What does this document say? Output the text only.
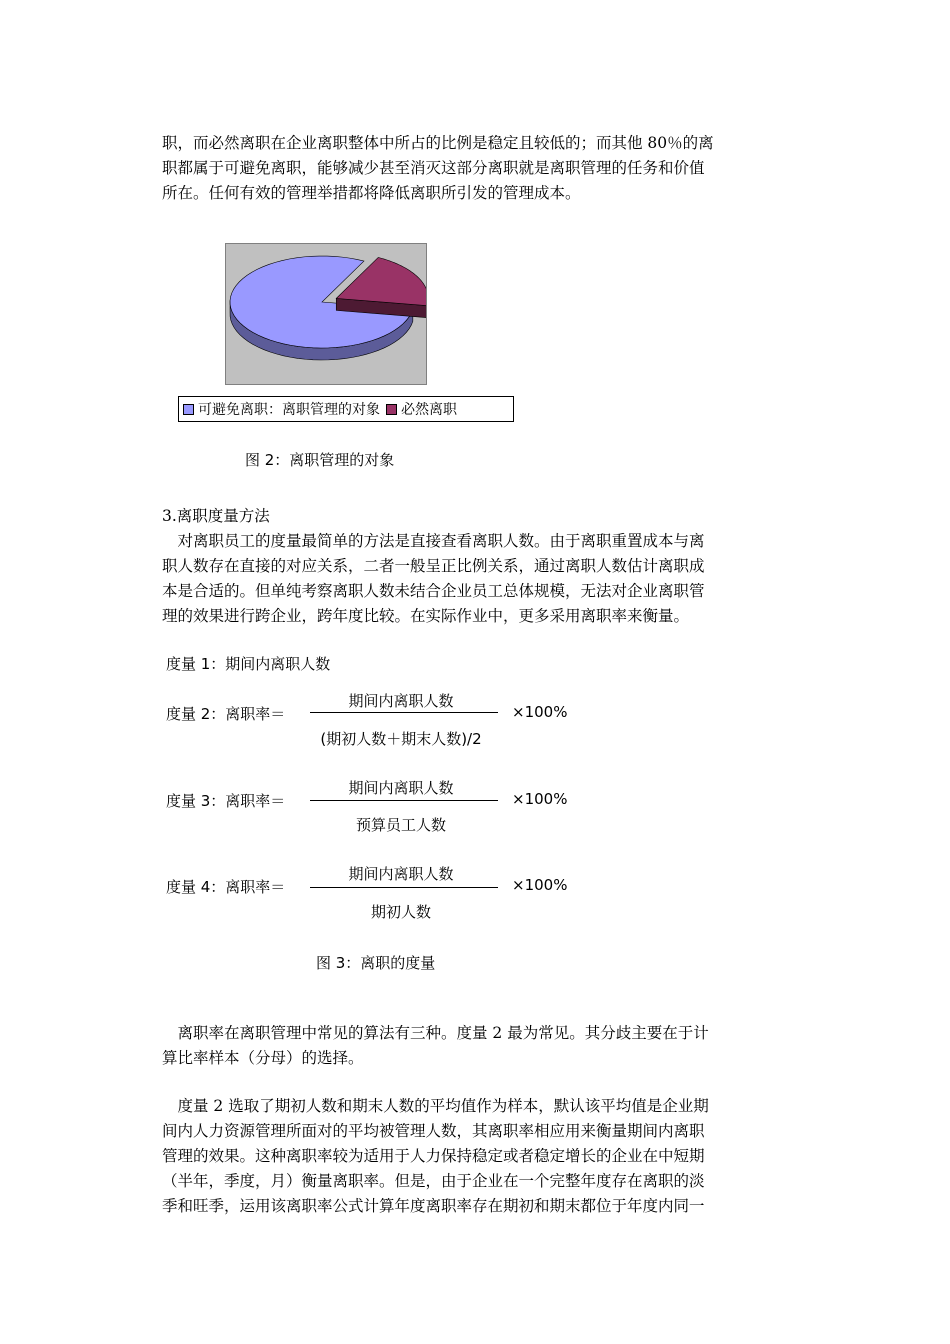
职，而必然离职在企业离职整体中所占的比例是稳定且较低的；而其他 80％的离
职都属于可避免离职，能够减少甚至消灭这部分离职就是离职管理的任务和价值
所在。任何有效的管理举措都将降低离职所引发的管理成本。
可避免离职：离职管理的对象 必然离职
图 2：离职管理的对象
3.离职度量方法
　对离职员工的度量最简单的方法是直接查看离职人数。由于离职重置成本与离
职人数存在直接的对应关系，二者一般呈正比例关系，通过离职人数估计离职成
本是合适的。但单纯考察离职人数未结合企业员工总体规模，无法对企业离职管
理的效果进行跨企业，跨年度比较。在实际作业中，更多采用离职率来衡量。
度量 1：期间内离职人数
度量 2：离职率＝
期间内离职人数
(期初人数＋期末人数)/2
×100%
度量 3：离职率＝
期间内离职人数
预算员工人数
×100%
度量 4：离职率＝
期间内离职人数
期初人数
×100%
图 3：离职的度量
　离职率在离职管理中常见的算法有三种。度量 2 最为常见。其分歧主要在于计
算比率样本（分母）的选择。
　度量 2 选取了期初人数和期末人数的平均值作为样本，默认该平均值是企业期
间内人力资源管理所面对的平均被管理人数，其离职率相应用来衡量期间内离职
管理的效果。这种离职率较为适用于人力保持稳定或者稳定增长的企业在中短期
（半年，季度，月）衡量离职率。但是，由于企业在一个完整年度存在离职的淡
季和旺季，运用该离职率公式计算年度离职率存在期初和期末都位于年度内同一
